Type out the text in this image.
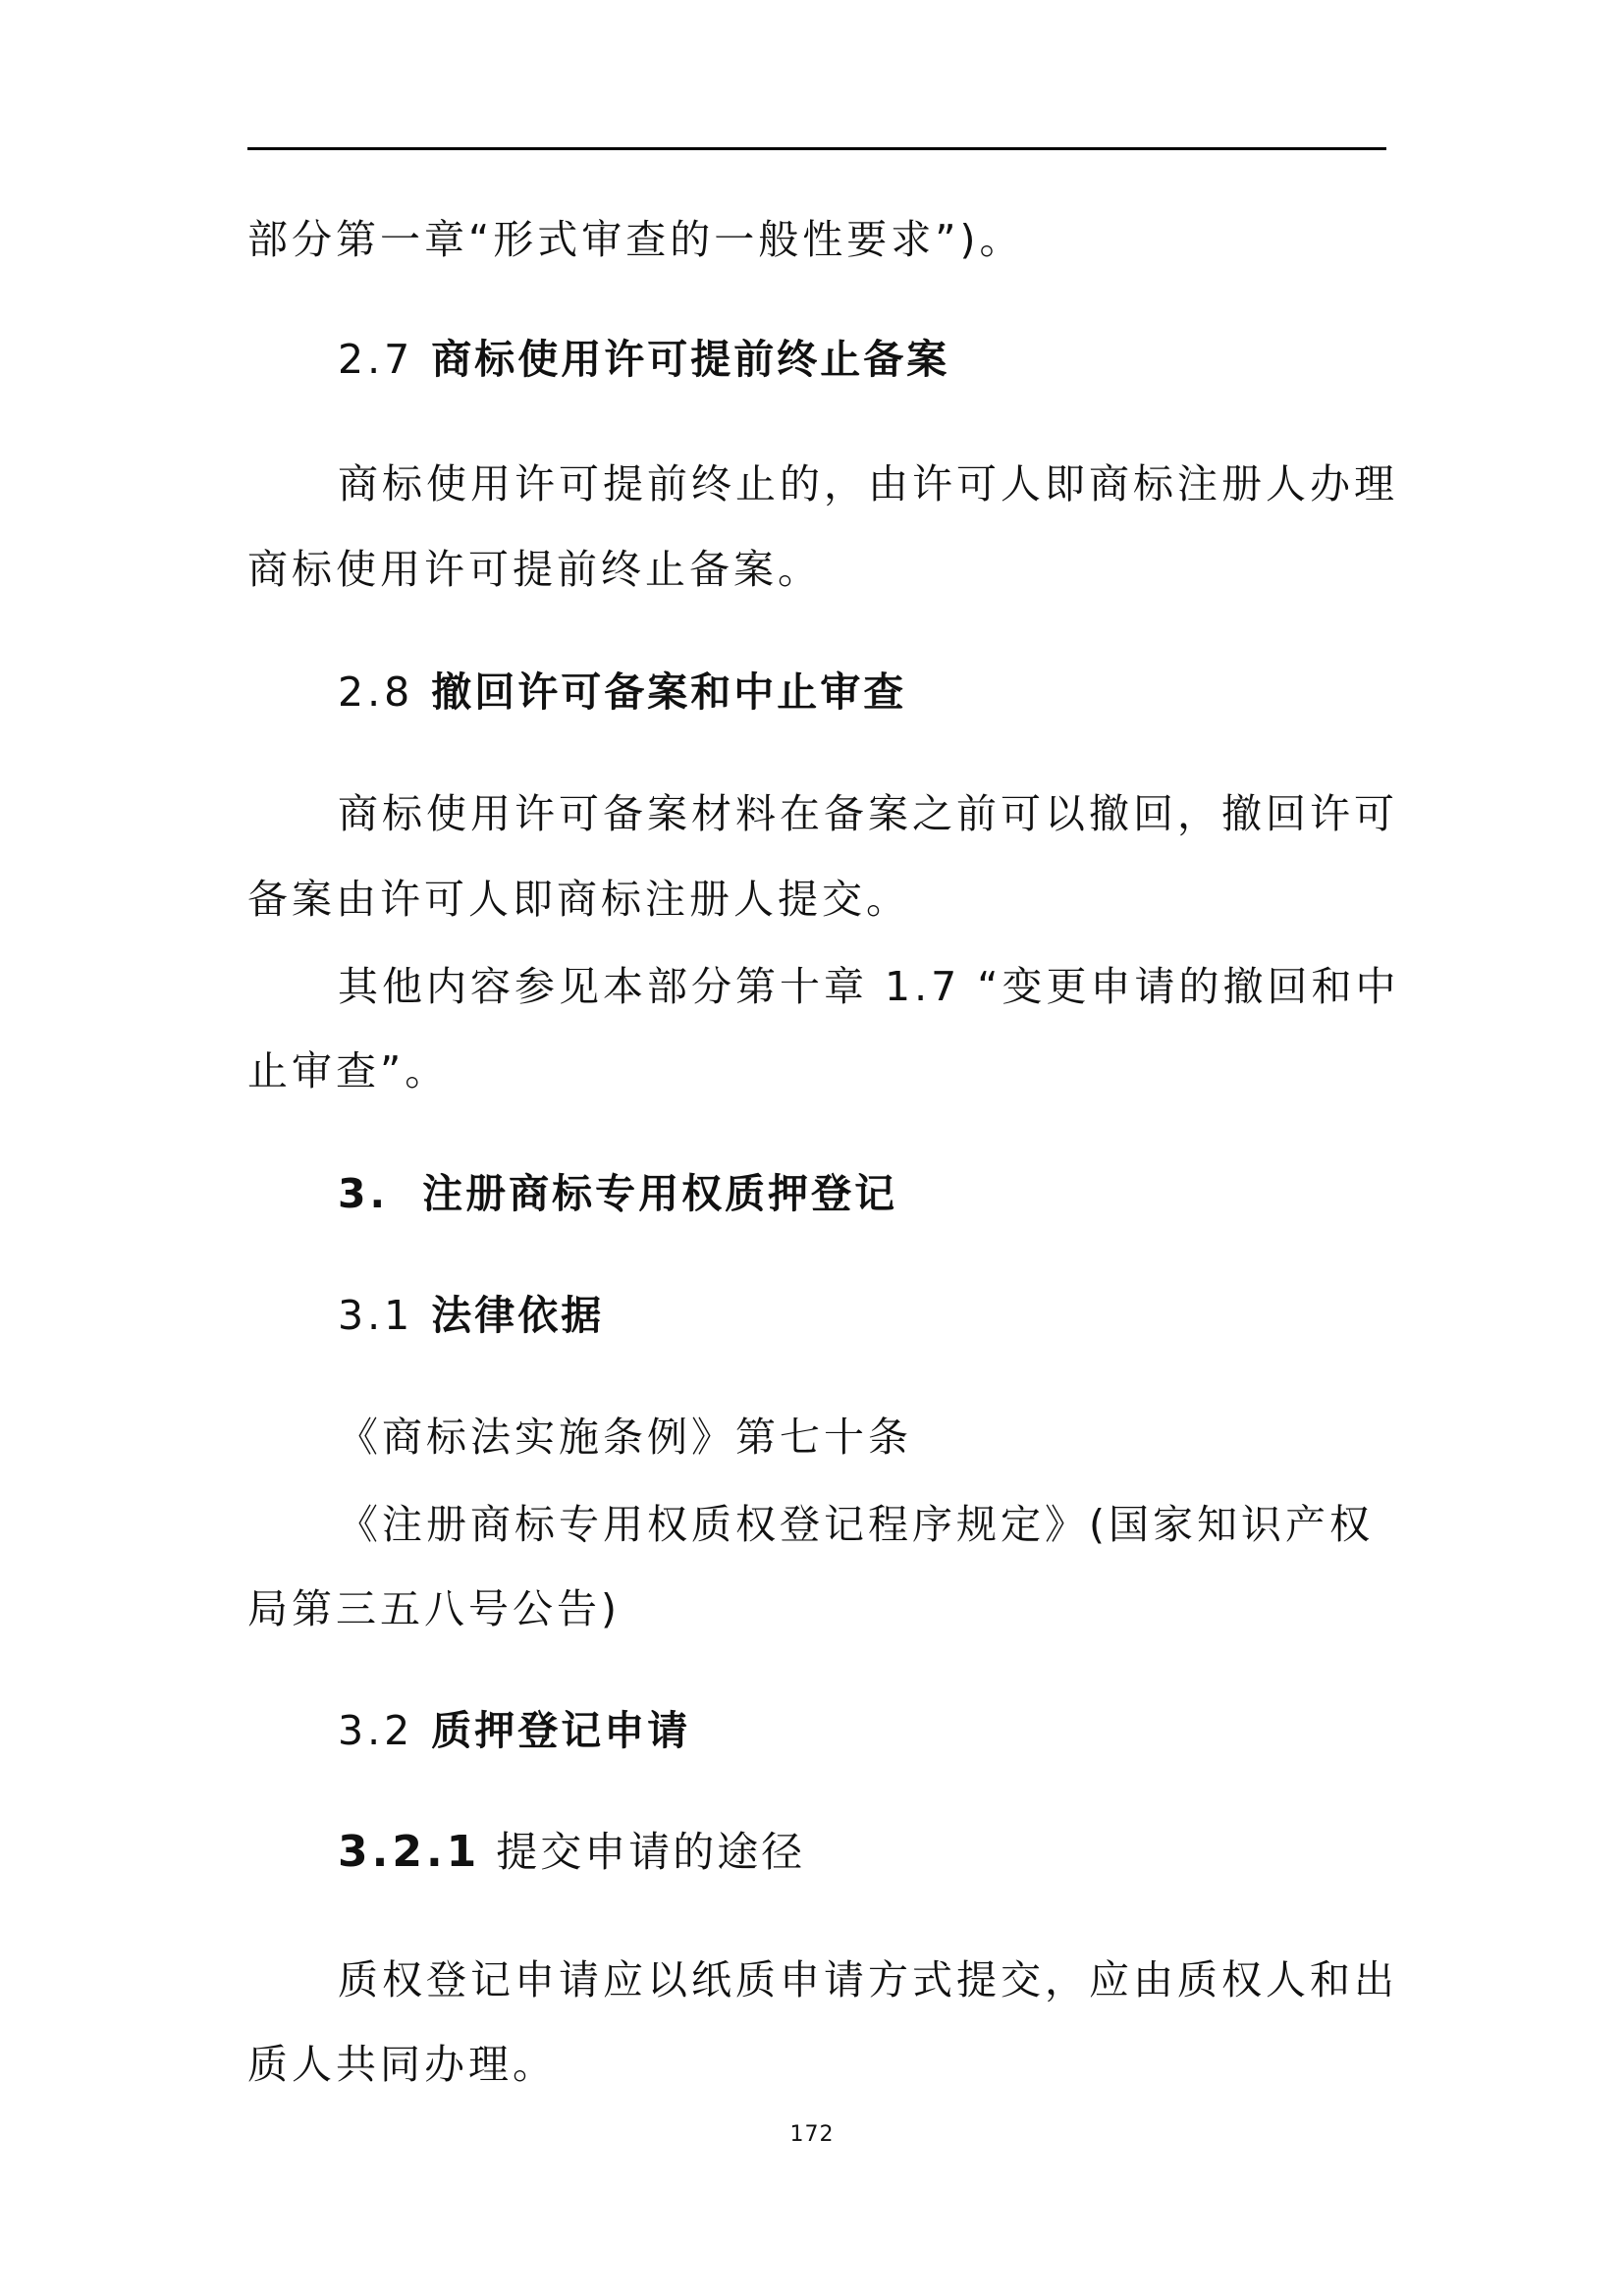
部分第一章“形式审查的一般性要求”)。
2.7 商标使用许可提前终止备案
商标使用许可提前终止的，由许可人即商标注册人办理
商标使用许可提前终止备案。
2.8 撤回许可备案和中止审查
商标使用许可备案材料在备案之前可以撤回，撤回许可
备案由许可人即商标注册人提交。
其他内容参见本部分第十章 1.7 “变更申请的撤回和中
止审查”。
3. 注册商标专用权质押登记
3.1 法律依据
《商标法实施条例》第七十条
《注册商标专用权质权登记程序规定》(国家知识产权
局第三五八号公告)
3.2 质押登记申请
3.2.1 提交申请的途径
质权登记申请应以纸质申请方式提交，应由质权人和出
质人共同办理。
172
